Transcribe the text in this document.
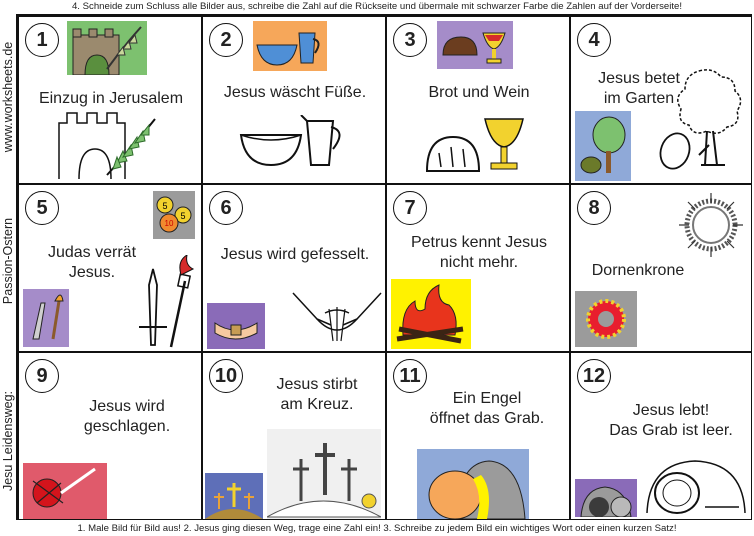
4. Schneide zum Schluss alle Bilder aus, schreibe die Zahl auf die Rückseite und übermale mit schwarzer Farbe die Zahlen auf der Vorderseite!
www.worksheets.de
Passion-Ostern
Jesu Leidensweg:
1
Einzug in Jerusalem
2
Jesus wäscht Füße.
3
Brot und Wein
4
Jesus betet
im Garten
5	5
5
10
Judas verrät
Jesus.
6
Jesus wird gefesselt.
7
Petrus kennt Jesus
nicht mehr.
8
Dornenkrone
9
Jesus wird
geschlagen.
10	Jesus stirbt
am Kreuz.
11
Ein Engel
öffnet das Grab.
12
Jesus lebt!
Das Grab ist leer.
1. Male Bild für Bild aus! 2. Jesus ging diesen Weg, trage eine Zahl ein! 3. Schreibe zu jedem Bild ein wichtiges Wort oder einen kurzen Satz!
